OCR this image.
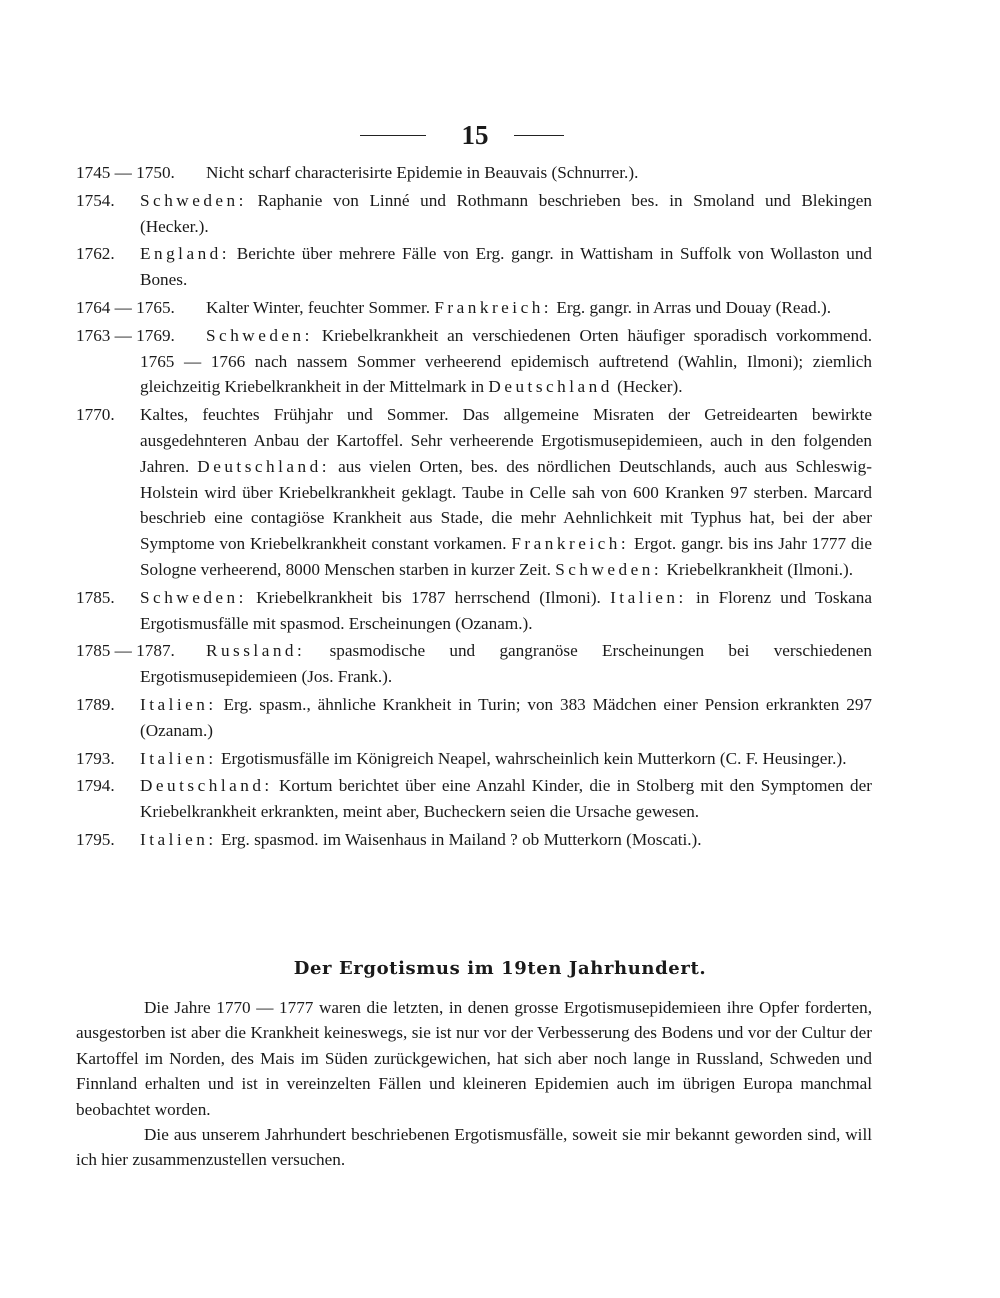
15
1745 — 1750. Nicht scharf characterisirte Epidemie in Beauvais (Schnurrer.).
1754. Schweden: Raphanie von Linné und Rothmann beschrieben bes. in Smoland und Blekingen (Hecker.).
1762. England: Berichte über mehrere Fälle von Erg. gangr. in Wattisham in Suffolk von Wollaston und Bones.
1764 — 1765. Kalter Winter, feuchter Sommer. Frankreich: Erg. gangr. in Arras und Douay (Read.).
1763 — 1769. Schweden: Kriebelkrankheit an verschiedenen Orten häufiger sporadisch vorkommend. 1765 — 1766 nach nassem Sommer verheerend epidemisch auftretend (Wahlin, Ilmoni); ziemlich gleichzeitig Kriebelkrankheit in der Mittelmark in Deutschland (Hecker).
1770. Kaltes, feuchtes Frühjahr und Sommer. Das allgemeine Misraten der Getreidearten bewirkte ausgedehnteren Anbau der Kartoffel. Sehr verheerende Ergotismusepidemieen, auch in den folgenden Jahren. Deutschland: aus vielen Orten, bes. des nördlichen Deutschlands, auch aus Schleswig-Holstein wird über Kriebelkrankheit geklagt. Taube in Celle sah von 600 Kranken 97 sterben. Marcard beschrieb eine contagiöse Krankheit aus Stade, die mehr Aehnlichkeit mit Typhus hat, bei der aber Symptome von Kriebelkrankheit constant vorkamen. Frankreich: Ergot. gangr. bis ins Jahr 1777 die Sologne verheerend, 8000 Menschen starben in kurzer Zeit. Schweden: Kriebelkrankheit (Ilmoni.).
1785. Schweden: Kriebelkrankheit bis 1787 herrschend (Ilmoni). Italien: in Florenz und Toskana Ergotismusfälle mit spasmod. Erscheinungen (Ozanam.).
1785 — 1787. Russland: spasmodische und gangranöse Erscheinungen bei verschiedenen Ergotismusepidemieen (Jos. Frank.).
1789. Italien: Erg. spasm., ähnliche Krankheit in Turin; von 383 Mädchen einer Pension erkrankten 297 (Ozanam.)
1793. Italien: Ergotismusfälle im Königreich Neapel, wahrscheinlich kein Mutterkorn (C. F. Heusinger.).
1794. Deutschland: Kortum berichtet über eine Anzahl Kinder, die in Stolberg mit den Symptomen der Kriebelkrankheit erkrankten, meint aber, Bucheckern seien die Ursache gewesen.
1795. Italien: Erg. spasmod. im Waisenhaus in Mailand ? ob Mutterkorn (Moscati.).
Der Ergotismus im 19ten Jahrhundert.

Die Jahre 1770 — 1777 waren die letzten, in denen grosse Ergotismusepidemieen ihre Opfer forderten, ausgestorben ist aber die Krankheit keineswegs, sie ist nur vor der Verbesserung des Bodens und vor der Cultur der Kartoffel im Norden, des Mais im Süden zurückgewichen, hat sich aber noch lange in Russland, Schweden und Finnland erhalten und ist in vereinzelten Fällen und kleineren Epidemien auch im übrigen Europa manchmal beobachtet worden.

Die aus unserem Jahrhundert beschriebenen Ergotismusfälle, soweit sie mir bekannt geworden sind, will ich hier zusammenzustellen versuchen.
